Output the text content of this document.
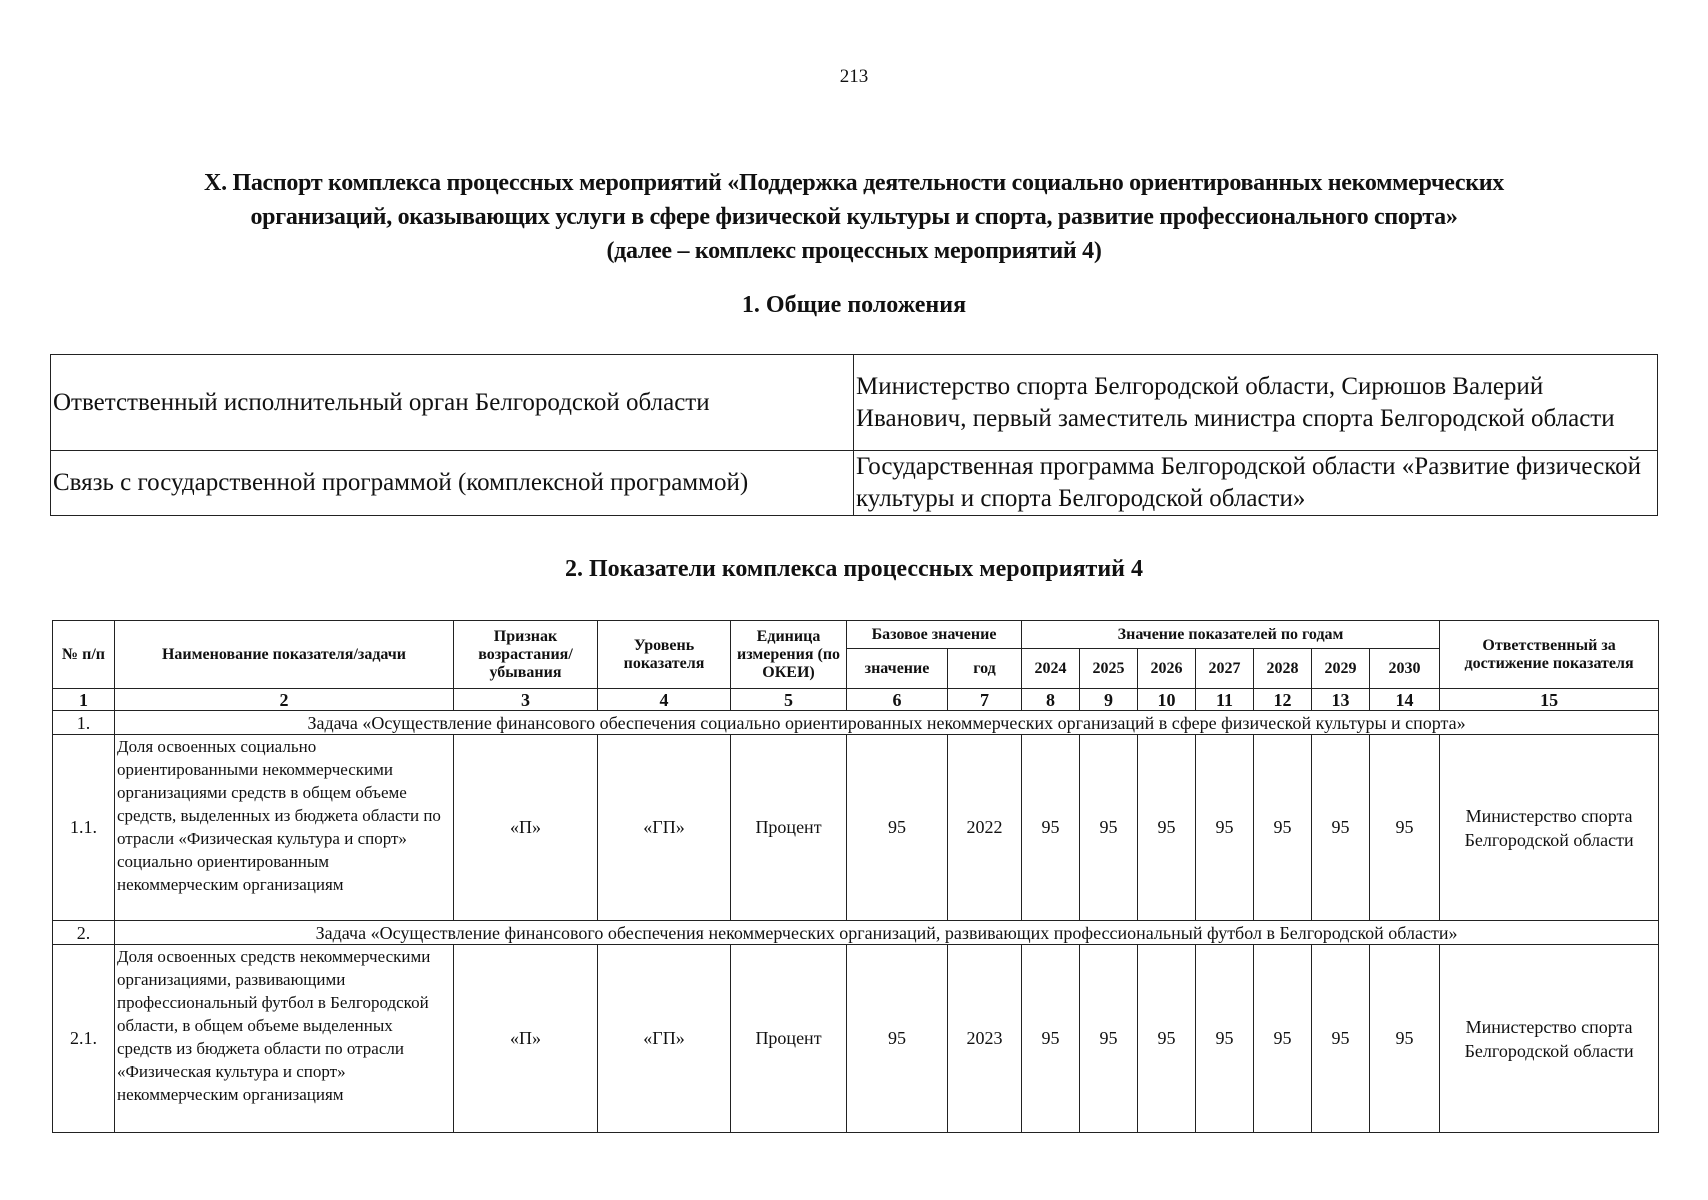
213
X. Паспорт комплекса процессных мероприятий «Поддержка деятельности социально ориентированных некоммерческих
организаций, оказывающих услуги в сфере физической культуры и спорта, развитие профессионального спорта»
(далее – комплекс процессных мероприятий 4)
1. Общие положения
Ответственный исполнительный орган Белгородской области	Министерство спорта Белгородской области, Сирюшов Валерий Иванович, первый заместитель министра спорта Белгородской области
Связь с государственной программой (комплексной программой)	Государственная программа Белгородской области «Развитие физической культуры и спорта Белгородской области»
2. Показатели комплекса процессных мероприятий 4
№ п/п	Наименование показателя/задачи	Признак возрастания/ убывания	Уровень показателя	Единица измерения (по ОКЕИ)	Базовое значение		Значение показателей по годам							Ответственный за достижение показателя
					значение	год	2024	2025	2026	2027	2028	2029	2030	
1	2	3	4	5	6	7	8	9	10	11	12	13	14	15
1.	Задача «Осуществление финансового обеспечения социально ориентированных некоммерческих организаций в сфере физической культуры и спорта»													
1.1.	Доля освоенных социально ориентированными некоммерческими организациями средств в общем объеме средств, выделенных из бюджета области по отрасли «Физическая культура и спорт» социально ориентированным некоммерческим организациям	«П»	«ГП»	Процент	95	2022	95	95	95	95	95	95	95	Министерство спорта Белгородской области
2.	Задача «Осуществление финансового обеспечения некоммерческих организаций, развивающих профессиональный футбол в Белгородской области»													
2.1.	Доля освоенных средств некоммерческими организациями, развивающими профессиональный футбол в Белгородской области, в общем объеме выделенных средств из бюджета области по отрасли «Физическая культура и спорт» некоммерческим организациям	«П»	«ГП»	Процент	95	2023	95	95	95	95	95	95	95	Министерство спорта Белгородской области
